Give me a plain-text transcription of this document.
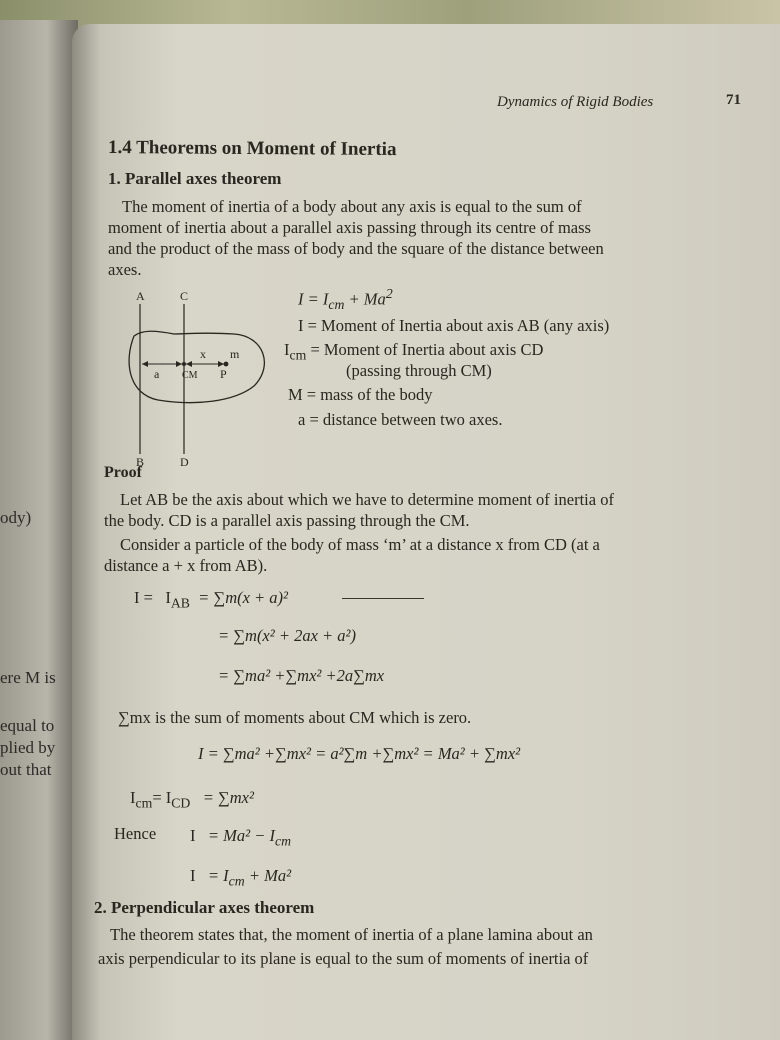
ody)
ere M is
equal to
plied by
out that
Dynamics of Rigid Bodies	71
1.4 Theorems on Moment of Inertia
1. Parallel axes theorem
The moment of inertia of a body about any axis is equal to the sum of
moment of inertia about a parallel axis passing through its centre of mass
and the product of the mass of body and the square of the distance between
axes.
A	C
B	D
a
x m
CM P
$I = I_{cm} + Ma^2$
I = Moment of Inertia about axis AB (any axis)
$I_{cm}$ = Moment of Inertia about axis CD
(passing through CM)
M = mass of the body
a = distance between two axes.
Proof
Let AB be the axis about which we have to determine moment of inertia of
the body. CD is a parallel axis passing through the CM.
Consider a particle of the body of mass ‘m’ at a distance x from CD (at a
distance a + x from AB).
$I = I_{AB} = \sum m(x + a)^2$
= ∑m(x² + 2ax + a²)
= ∑ma² +∑mx² +2a∑mx
∑mx is the sum of moments about CM which is zero.
I = ∑ma² +∑mx² = a²∑m +∑mx² = Ma² + ∑mx²
$I_{cm}= I_{CD} = \sum mx^2$
Hence $I = Ma^2 - I_{cm}$
$I = I_{cm} + Ma^2$
2. Perpendicular axes theorem
The theorem states that, the moment of inertia of a plane lamina about an
axis perpendicular to its plane is equal to the sum of moments of inertia of
